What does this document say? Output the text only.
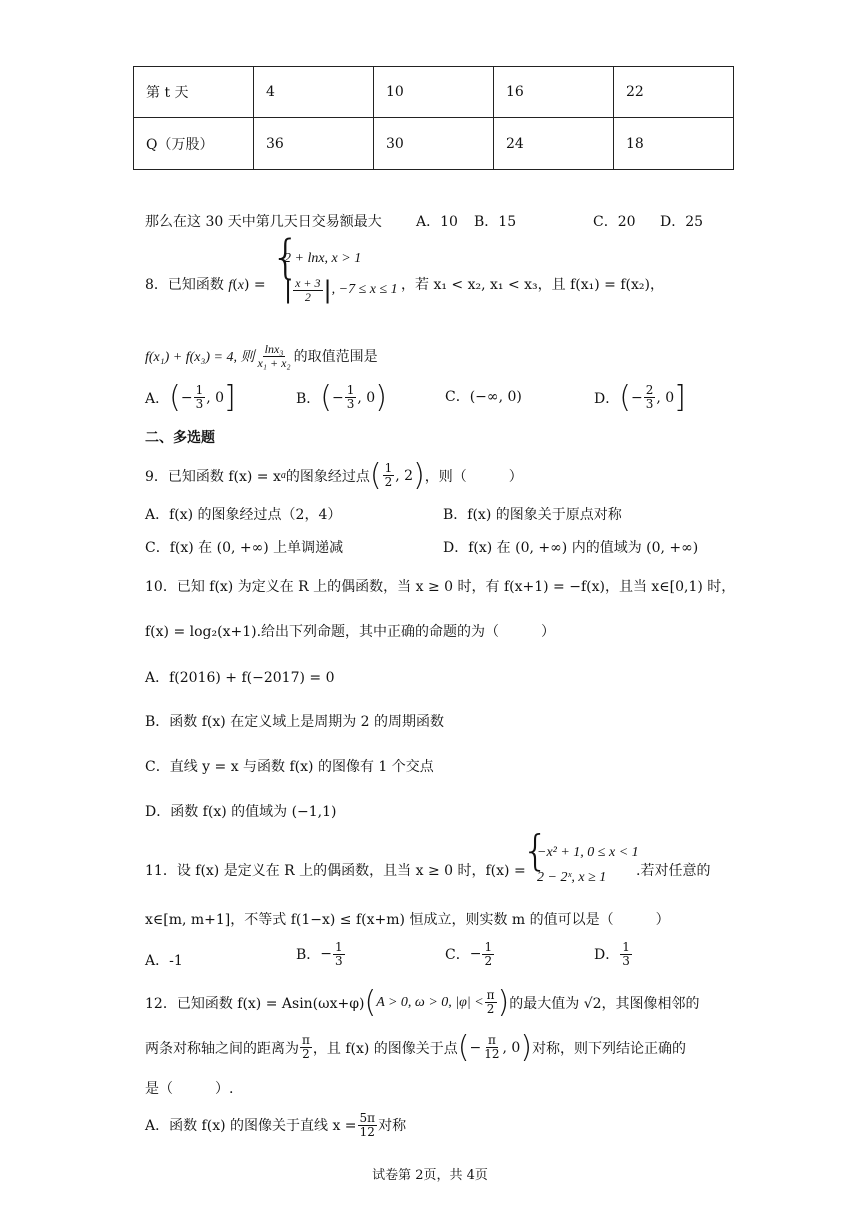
第 t 天	4	10	16	22
Q（万股）	36	30	24	18
那么在这 30 天中第几天日交易额最大 A．10 B．15	C．20 D．25
8．已知函数 f(x) =
{
2 + lnx, x > 1
| $\frac{x + 3}{2}$ | , −7 ≤ x ≤ 1 ，若 x₁ < x₂, x₁ < x₃，且 f(x₁) = f(x₂)，
f(x₁) + f(x₃) = 4, 则 $\frac{\text{lnx₃}}{\text{x₁ + x₂}}$ 的取值范围是
A． ( − $\frac{1}{3}$ , 0 ]	B． ( − $\frac{1}{3}$ , 0 )	C．(−∞, 0)	D． ( − $\frac{2}{3}$ , 0 ]
二、多选题
9．已知函数 f(x) = x a 的图象经过点 ( $\frac{1}{2}$ , 2 ) ，则（　　　）
A．f(x) 的图象经过点（2，4）	B．f(x) 的图象关于原点对称
C．f(x) 在 (0, +∞) 上单调递减	D．f(x) 在 (0, +∞) 内的值域为 (0, +∞)
10．已知 f(x) 为定义在 R 上的偶函数，当 x ≥ 0 时，有 f(x+1) = −f(x)，且当 x∈[0,1) 时，
f(x) = log₂(x+1).给出下列命题，其中正确的命题的为（　　　）
A．f(2016) + f(−2017) = 0
B．函数 f(x) 在定义域上是周期为 2 的周期函数
C．直线 y = x 与函数 f(x) 的图像有 1 个交点
D．函数 f(x) 的值域为 (−1,1)
11．设 f(x) 是定义在 R 上的偶函数，且当 x ≥ 0 时，f(x) =
{
−x² + 1, 0 ≤ x < 1
2 − 2ˣ, x ≥ 1 .若对任意的
x∈[m, m+1]，不等式 f(1−x) ≤ f(x+m) 恒成立，则实数 m 的值可以是（　　　）
A．-1	B． − $\frac{1}{3}$	C． − $\frac{1}{2}$	D． $\frac{1}{3}$
12．已知函数 f(x) = Asin(ωx+φ) ( A > 0, ω > 0, $|\varphi| < \frac{\pi}{2}$ ) 的最大值为 √2，其图像相邻的
两条对称轴之间的距离为 $\frac{\pi}{2}$ ，且 f(x) 的图像关于点 ( − $\frac{\pi}{12}$ , 0 ) 对称，则下列结论正确的
是（　　　）.
A．函数 f(x) 的图像关于直线 $x = \frac{5\pi}{12}$ 对称
试卷第 2页，共 4页
